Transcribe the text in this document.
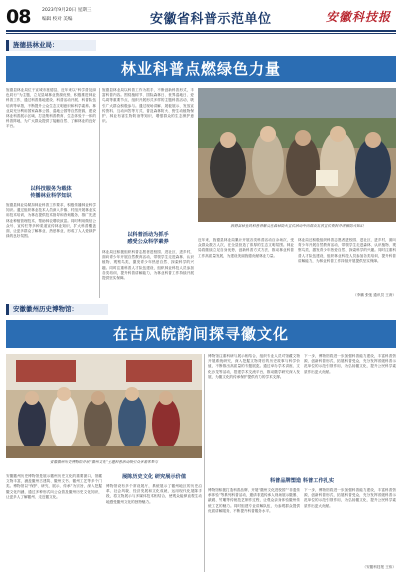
08	2023年9月20日 星期三
编辑 校对 美编	安徽省科普示范单位	安徽科技报
旌德县林业局：
林业科普点燃绿色力量
旌德县林业局位于宣城市旌德县，近年来以“科学普及绿色同行”为主题，立足县域林业资源优势，积极推进林业科普工作，通过科普基地建设、科普活动开展、科普队伍培育等举措，不断提升公众生态文明意识和科学素养。林业局充分利用国家森林公园、湿地公园等自然资源，建设林业科普展示区域，打造集科普教育、生态体验于一体的科普阵地，为广大群众提供了接触自然、了解林业的良好平台。
以科技服务为载体
传播林业科学知识
旌德县林业局紧扣林业科普工作要求，积极传播林业科学知识。通过组织林业技术人员深入乡镇、村组开展林业实用技术培训，为林农提供技术指导和咨询服务，推广先进林业种植管理技术，帮助林农增收致富。同时利用微信公众号、宣传栏等多种渠道宣传林业知识，扩大科普覆盖面，让更多群众了解林业、热爱林业，形成了人人爱绿护绿的良好氛围。
旌德县林业局以科普工作为抓手，不断创新科普形式，丰富科普内容。围绕植树节、国际森林日、世界湿地日、爱鸟周等重要节点，组织开展形式多样的主题科普活动，吸引广大群众积极参与。通过现场讲解、展板展示、发放宣传资料、互动问答等方式，普及森林防火、野生动植物保护、林业有害生物防治等知识，增强群众的生态保护意识。
以科普活动为抓手
感受公众科学素养
林业局还积极组织科普志愿者进校园、进社区、进乡村，面向青少年开展自然教育活动，带领学生走进森林、认识植物、观察鸟类，激发青少年热爱自然、探索科学的兴趣。同时注重科普人才队伍建设，组织林业科技人员参加各类培训，提升科普讲解能力，为林业科普工作持续开展提供坚实保障。
旌德县林业局科普讲解员在森林防火宣传活动中向群众发放宣传资料并讲解防火知识
近年来，旌德县林业局累计开展各类科普活动百余场次，受众群众数万人次，在全县营造了浓厚的生态文明氛围。林业局将继续立足自身优势，创新科普方式方法，推动林业科普工作高质量发展，为建设美丽旌德贡献林业力量。
林业局还积极组织科普志愿者进校园、进社区、进乡村，面向青少年开展自然教育活动，带领学生走进森林、认识植物、观察鸟类，激发青少年热爱自然、探索科学的兴趣。同时注重科普人才队伍建设，组织林业科技人员参加各类培训，提升科普讲解能力，为林业科普工作持续开展提供坚实保障。
（李鹏 张弛 通讯员 王涛）
安徽徽州历史博物馆：
在古风皖韵间探寻徽文化
安徽徽州历史博物馆开展“徽州文化”主题科普活动吸引众多游客参与
安徽徽州历史博物馆是展示徽州历史文化的重要窗口，馆藏文物丰富，涵盖徽州古建筑、徽州文书、徽州工艺等多个门类。博物馆以“保护、研究、展示、传承”为宗旨，深入挖掘徽文化内涵，通过多种形式向公众普及徽州历史文化知识，让更多人了解徽州、走近徽文化。
展陈历史文化 研究展示价值
博物馆设有多个常设展厅，系统展示了徽州地区的历史沿革、社会风貌、经济发展和文化成就，运用现代化展陈手段，将文物展示与多媒体技术相结合，使观众能够直观生动地感受徽州文化的独特魅力。
博物馆注重科研与展示相结合，组织专业人员对馆藏文物开展系统研究，深入挖掘文物背后的历史故事与科学价值，不断推出高质量的专题展览。通过举办学术讲座、文化沙龙等活动，搭建学术交流平台，推动徽学研究深入发展，为徽文化的传承保护提供有力的学术支撑。
下一步，博物馆将进一步加强科普能力建设，丰富科普资源，创新科普形式，拓展科普受众，充分发挥省级科普示范单位的示范引领作用，为弘扬徽文化、提升公民科学素质作出更大贡献。
科普品牌塑造 科普工作扎实
博物馆积极打造科普品牌，开展“徽州文化进校园”“非遗传承体验”等系列科普活动，邀请非遗传承人现场展示徽墨、歙砚、竹雕等传统技艺制作过程，让观众亲身体验徽州传统工艺的魅力。同时组建专业讲解队伍，为参观群众提供优质讲解服务，不断提升科普服务水平。
下一步，博物馆将进一步加强科普能力建设，丰富科普资源，创新科普形式，拓展科普受众，充分发挥省级科普示范单位的示范引领作用，为弘扬徽文化、提升公民科学素质作出更大贡献。
（安徽科技报 王伟）
